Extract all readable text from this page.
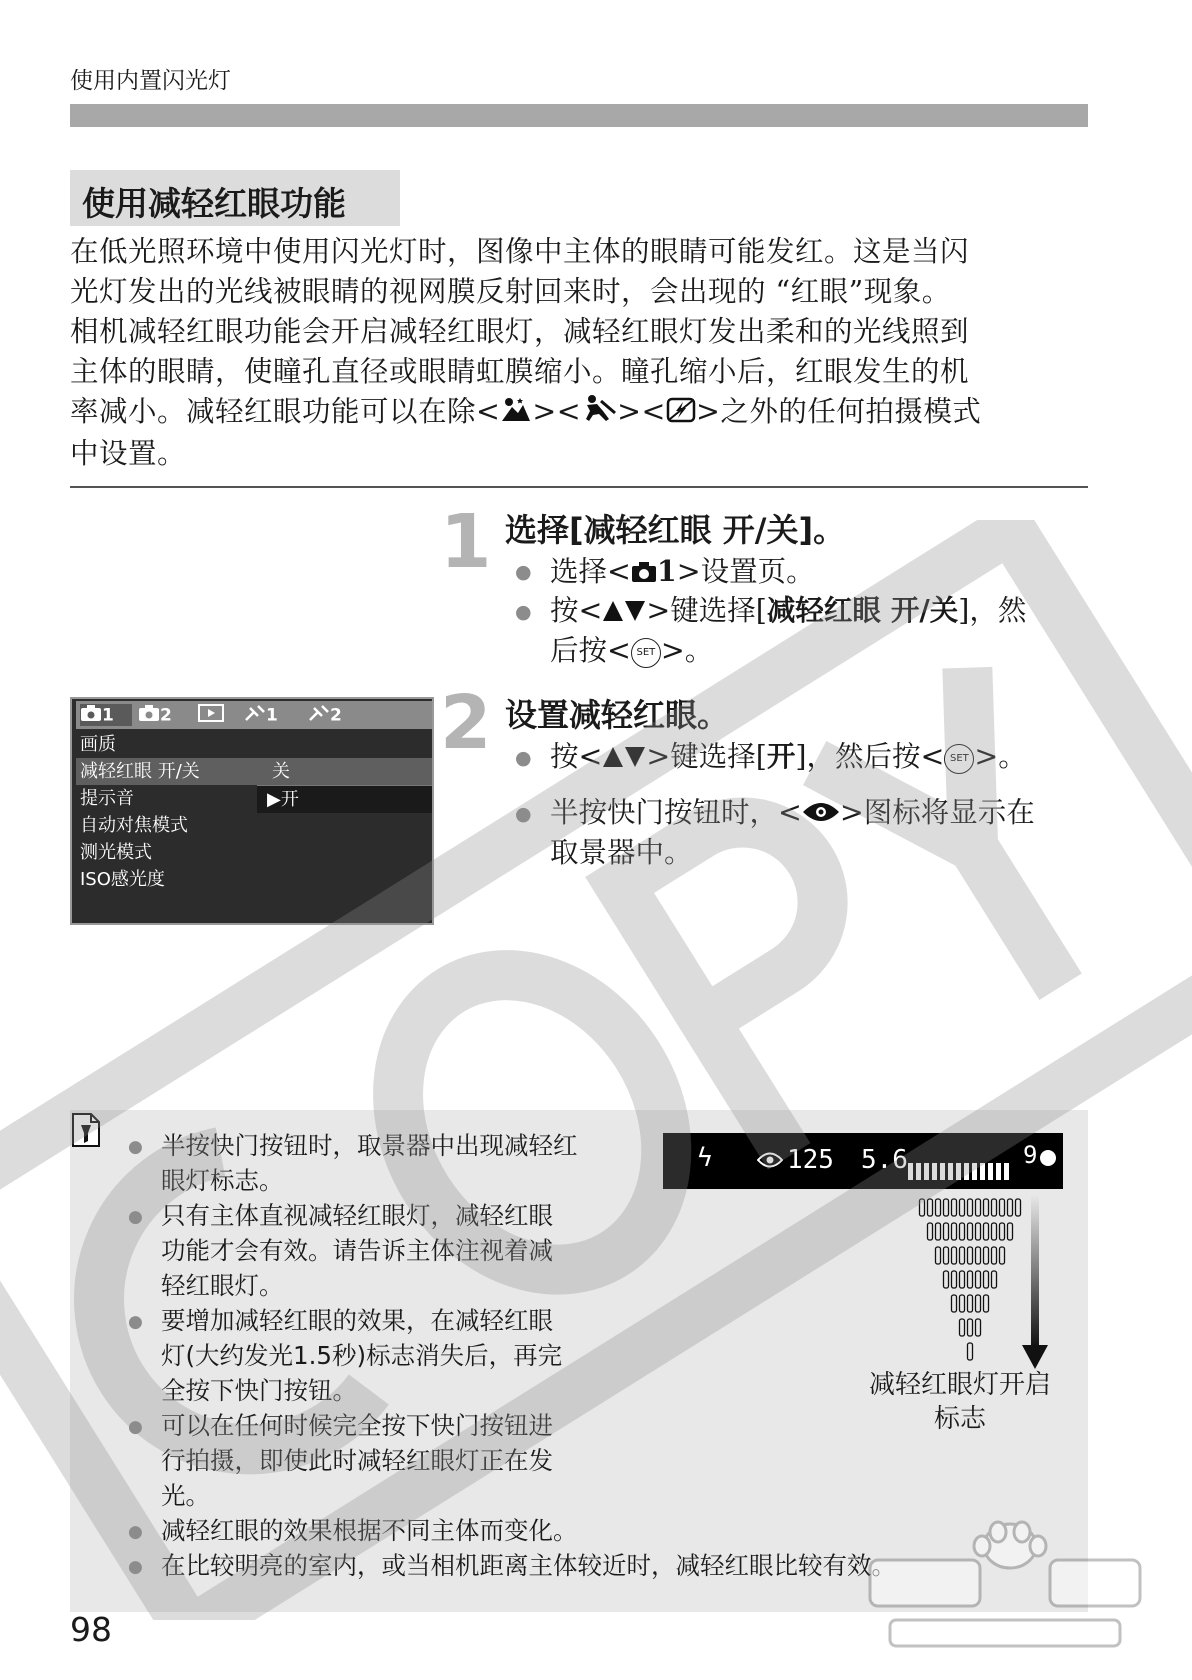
使用内置闪光灯
使用减轻红眼功能
在低光照环境中使用闪光灯时，图像中主体的眼睛可能发红。这是当闪
光灯发出的光线被眼睛的视网膜反射回来时，会出现的 “红眼”现象。
相机减轻红眼功能会开启减轻红眼灯，减轻红眼灯发出柔和的光线照到
主体的眼睛，使瞳孔直径或眼睛虹膜缩小。瞳孔缩小后，红眼发生的机
率减小。减轻红眼功能可以在除< >< >< >之外的任何拍摄模式
中设置。
1 选择[减轻红眼 开/关]。
● 选择< 1>设置页。
● 按< >键选择[减轻红眼 开/关]，然
后按< SET >。
2 设置减轻红眼。
● 按< >键选择[开]，然后按< SET >。
● 半按快门按钮时，< >图标将显示在
取景器中。
1	2	1	2
画质
减轻红眼 开/关	关
提示音
自动对焦模式
测光模式
ISO感光度
▶开
● 半按快门按钮时，取景器中出现减轻红
眼灯标志。
● 只有主体直视减轻红眼灯，减轻红眼
功能才会有效。请告诉主体注视着减
轻红眼灯。
● 要增加减轻红眼的效果，在减轻红眼
灯(大约发光1.5秒)标志消失后，再完
全按下快门按钮。
● 可以在任何时候完全按下快门按钮进
行拍摄，即使此时减轻红眼灯正在发
光。
● 减轻红眼的效果根据不同主体而变化。
● 在比较明亮的室内，或当相机距离主体较近时，减轻红眼比较有效。
ϟ	125 5.6	9
减轻红眼灯开启
标志
98
